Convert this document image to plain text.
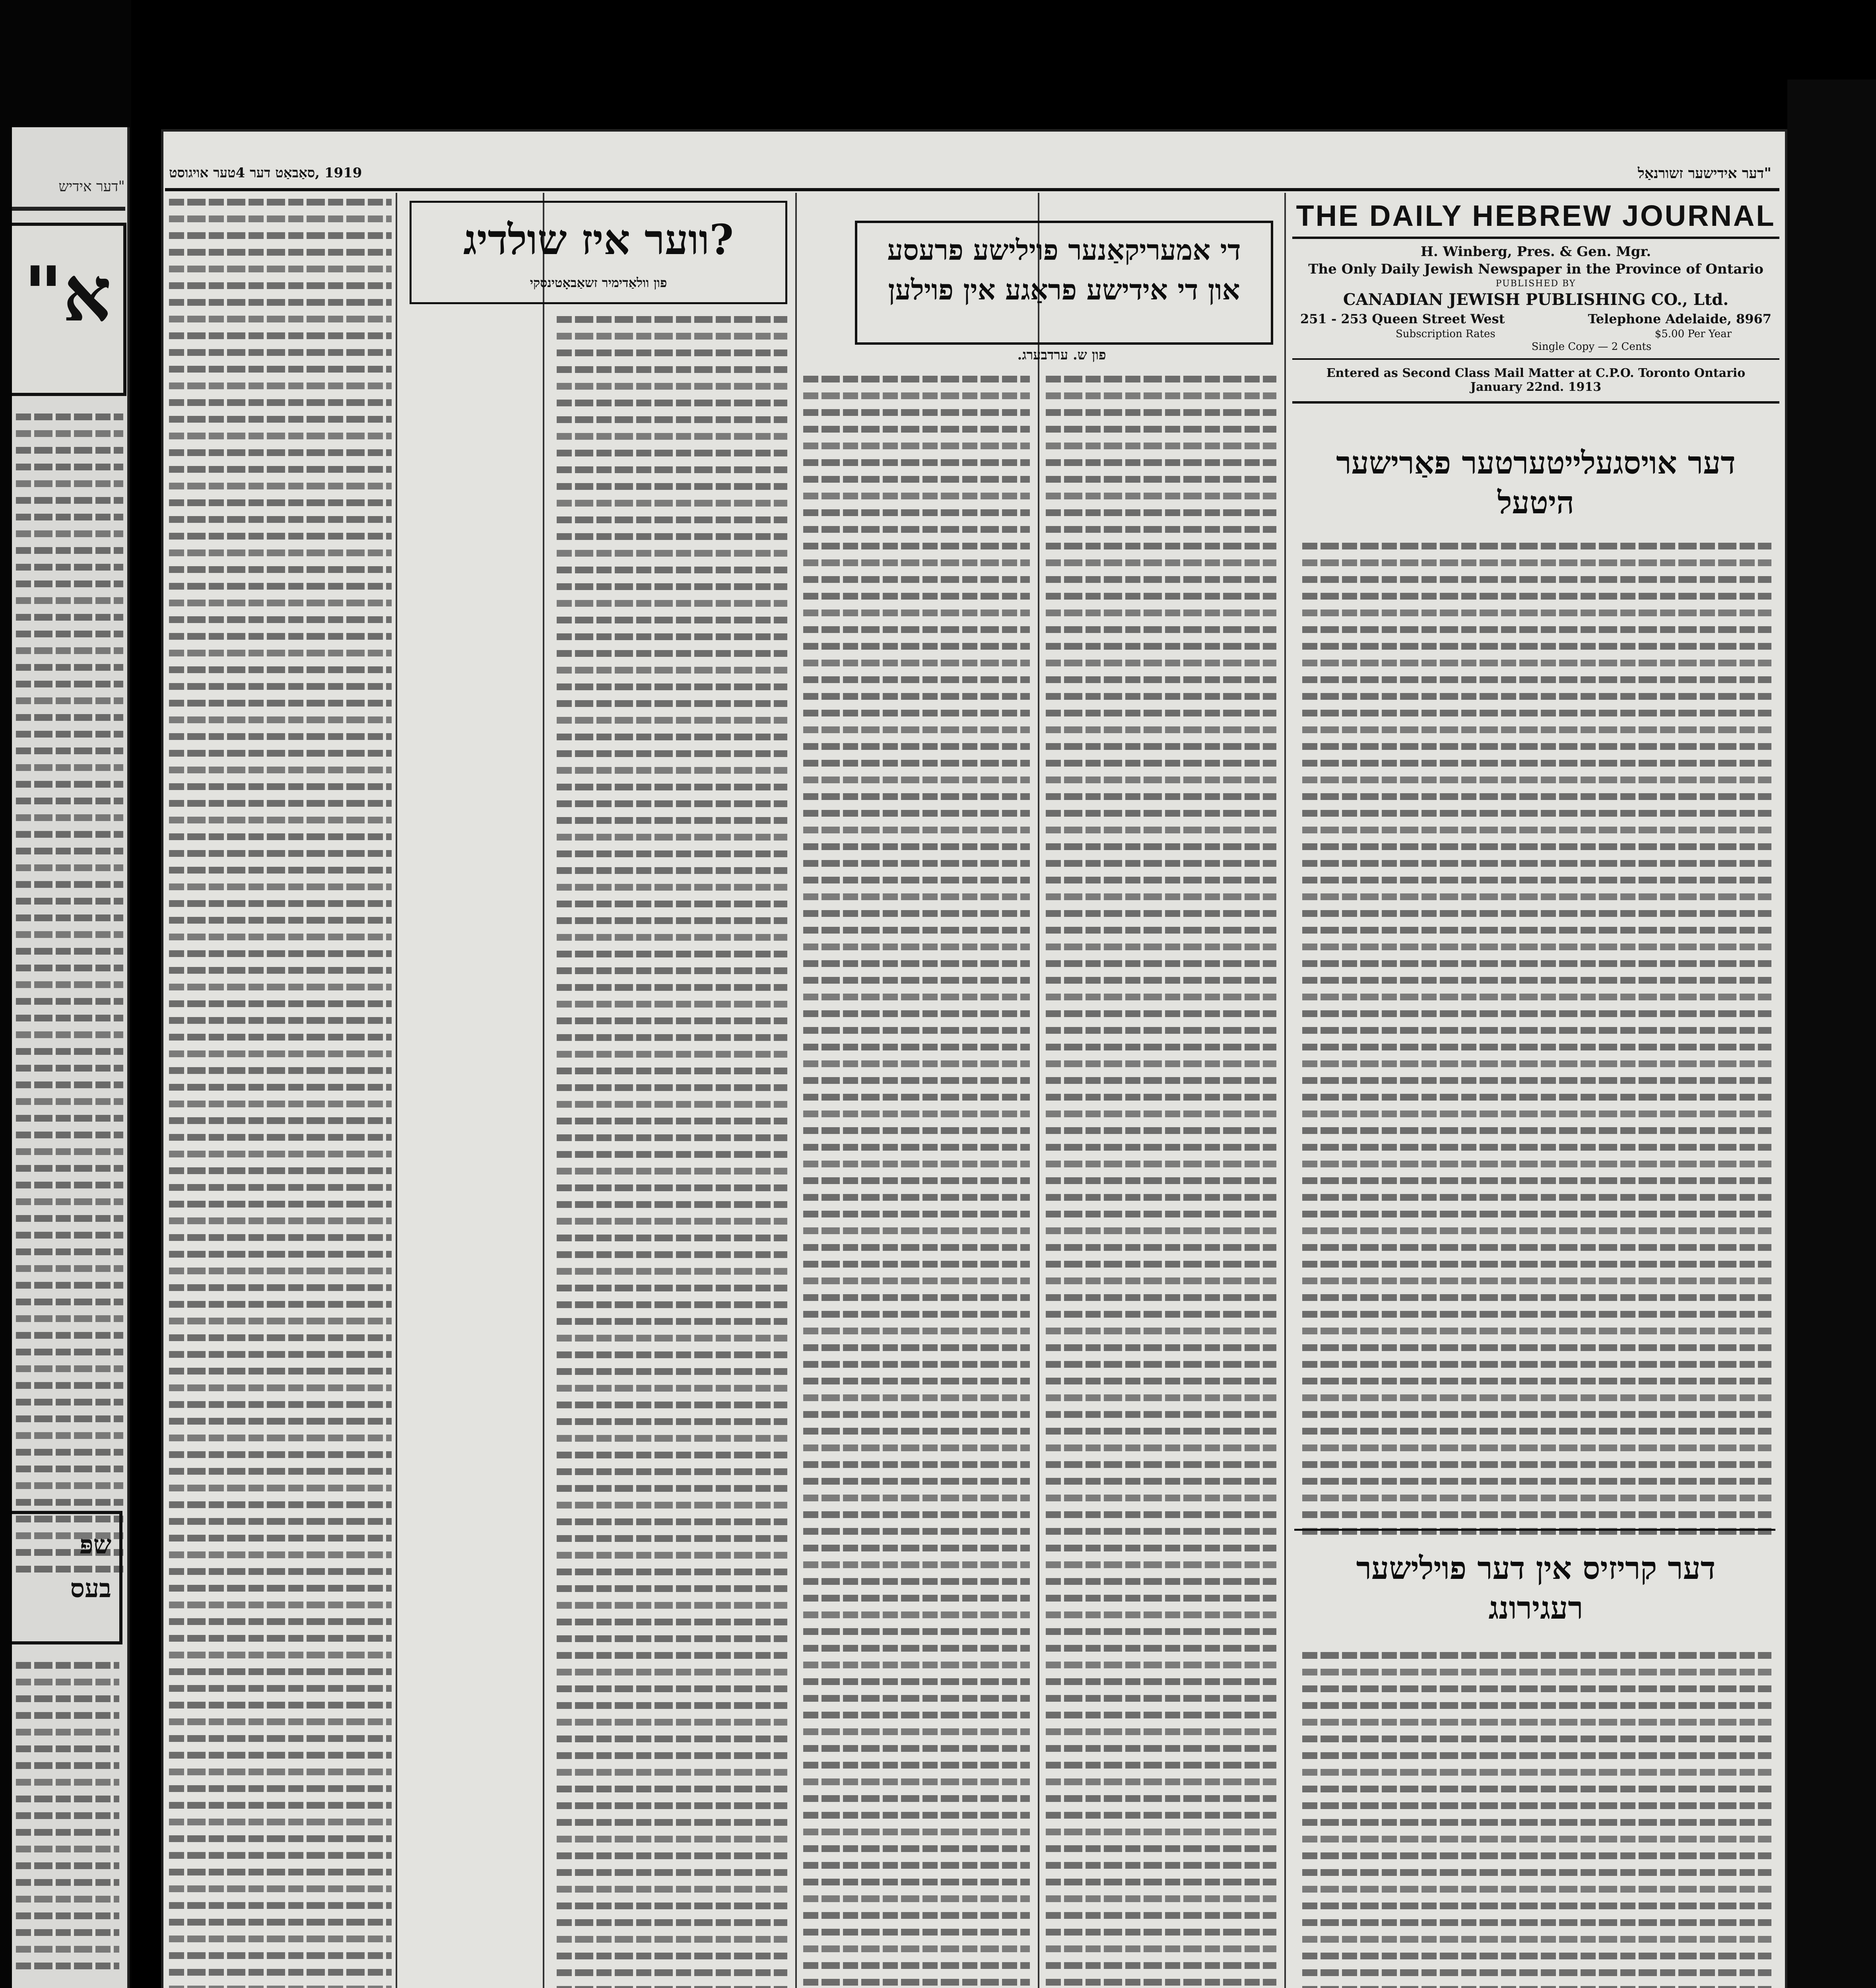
"דער אידיש
"א
שפּ
בעס
1919 ,סאַבאַט דער 4טער אויגוסט	"דער אידישער זשורנאַל
THE DAILY HEBREW JOURNAL
H. Winberg, Pres. & Gen. Mgr.
The Only Daily Jewish Newspaper in the Province of Ontario
PUBLISHED BY
CANADIAN JEWISH PUBLISHING CO., Ltd.
251 - 253 Queen Street West	Telephone Adelaide, 8967
Subscription Rates	$5.00 Per Year
Single Copy — 2 Cents
Entered as Second Class Mail Matter at C.P.O. Toronto Ontario
January 22nd. 1913
דער אויסגעלייטערטער פאַרישער
היטעל
דער קריזיס אין דער פוילישער
רעגירונג
די אמעריקאַנער פוילישע פרעסע
און די אידישע פראַגע אין פוילען
פון ש. ערדבערג.
?ווער איז שולדיג
פון וולאַדימיר זשאַבאָטינסקי
